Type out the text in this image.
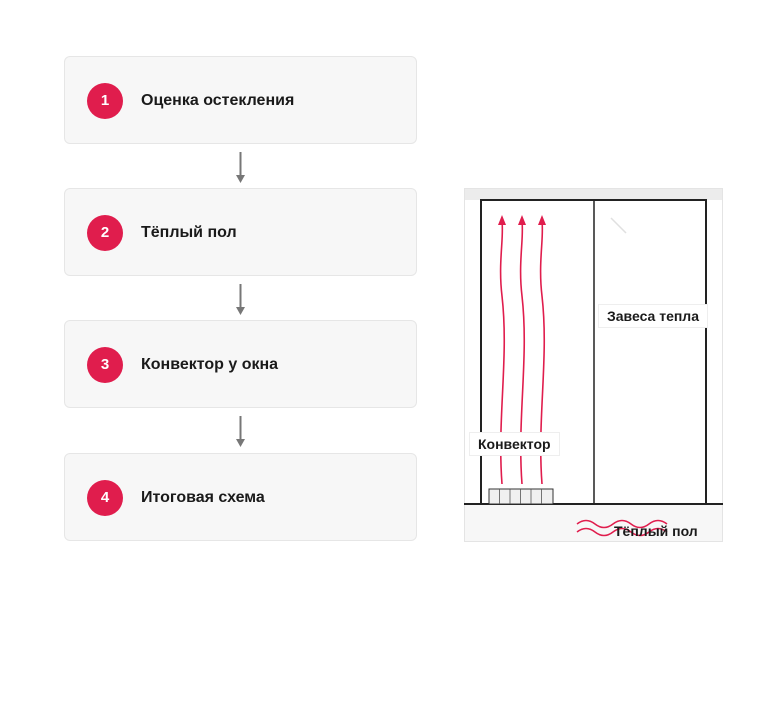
1	Оценка остекления
2	Тёплый пол
3	Конвектор у окна
4	Итоговая схема
Завеса тепла
Конвектор
Тёплый пол
